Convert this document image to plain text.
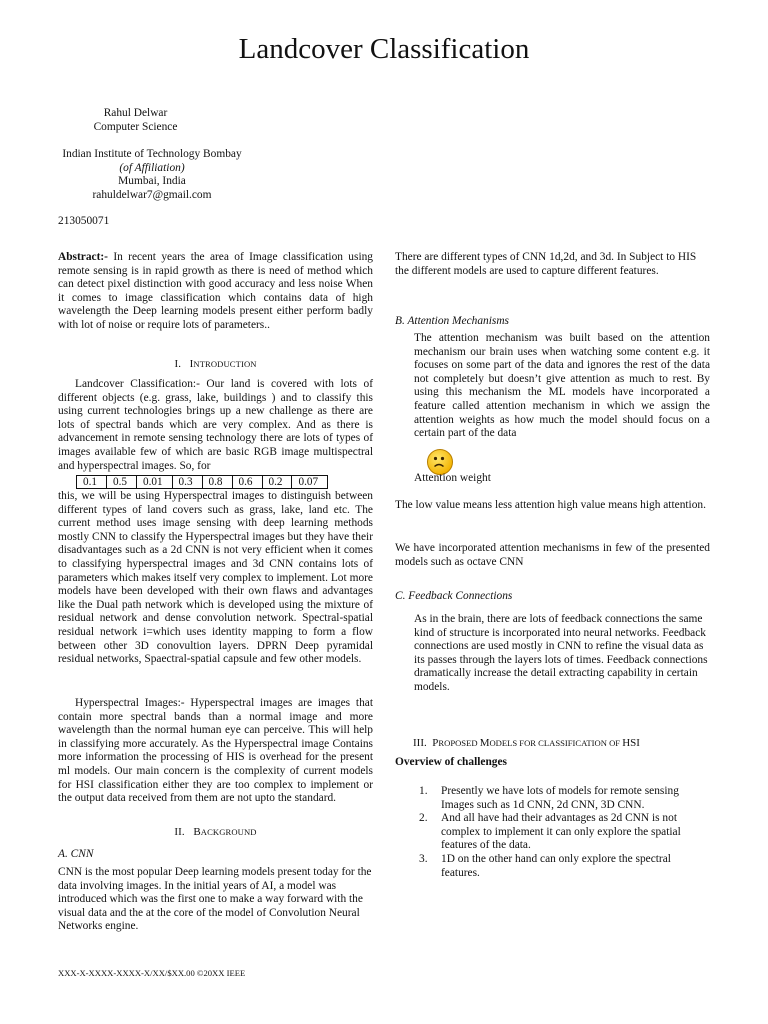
Landcover Classification
Rahul Delwar
Computer Science
Indian Institute of Technology Bombay
(of Affiliation)
Mumbai, India
rahuldelwar7@gmail.com
213050071

Abstract:- In recent years the area of Image classification using remote sensing is in rapid growth as there is need of method which can detect pixel distinction with good accuracy and less noise When it comes to image classification which contains data of high wavelength the Deep learning models present either perform badly with lot of noise or require lots of parameters..

I. INTRODUCTION

Landcover Classification:- Our land is covered with lots of different objects (e.g. grass, lake, buildings ) and to classify this using current technologies brings up a new challenge as there are lots of spectral bands which are very complex. And as there is advancement in remote sensing technology there are lots of types of images available few of which are basic RGB image multispectral and hyperspectral images. So, for

0.1	0.5	0.01	0.3	0.8	0.6	0.2	0.07

this, we will be using Hyperspectral images to distinguish between different types of land covers such as grass, lake, land etc. The current method uses image sensing with deep learning methods mostly CNN to classify the Hyperspectral images but they have their disadvantages such as a 2d CNN is not very efficient when it comes to classifying hyperspectral images and 3d CNN contains lots of parameters which makes itself very complex to implement. Lot more models have been developed with their own flaws and advantages like the Dual path network which is developed using the mixture of residual network and dense convolution network. Spectral-spatial residual network i=which uses identity mapping to form a flow between other 3D conovultion layers. DPRN Deep pyramidal residual networks, Spaectral-spatial capsule and few other models.

Hyperspectral Images:- Hyperspectral images are images that contain more spectral bands than a normal image and more wavelength than the normal human eye can perceive. This will help in classifying more accurately. As the Hyperspectral image Contains more information the processing of HIS is overhead for the present ml models. Our main concern is the complexity of current models for HSI classification either they are too complex to implement or the output data received from them are not upto the standard.

II. BACKGROUND
A. CNN

CNN is the most popular Deep learning models present today for the data involving images. In the initial years of AI, a model was introduced which was the first one to make a way forward with the visual data and the at the core of the model of Convolution Neural Networks engine.

There are different types of CNN 1d,2d, and 3d. In Subject to HIS the different models are used to capture different features.

B. Attention Mechanisms

The attention mechanism was built based on the attention mechanism our brain uses when watching some content e.g. it focuses on some part of the data and ignores the rest of the data not completely but doesn’t give attention as much to rest. By using this mechanism the ML models have incorporated a feature called attention mechanism in which we assign the attention weights as how much the model should focus on a certain part of the data

Attention weight

The low value means less attention high value means high attention.

We have incorporated attention mechanisms in few of the presented models such as octave CNN

C. Feedback Connections

As in the brain, there are lots of feedback connections the same kind of structure is incorporated into neural networks. Feedback connections are used mostly in CNN to refine the visual data as its passes through the layers lots of times. Feedback connections dramatically increase the detail extracting capability in certain models.

III. PROPOSED MODELS FOR CLASSIFICATION OF HSI
Overview of challenges
1. Presently we have lots of models for remote sensing Images such as 1d CNN, 2d CNN, 3D CNN.
2. And all have had their advantages as 2d CNN is not complex to implement it can only explore the spatial features of the data.
3. 1D on the other hand can only explore the spectral features.
XXX-X-XXXX-XXXX-X/XX/$XX.00 ©20XX IEEE
